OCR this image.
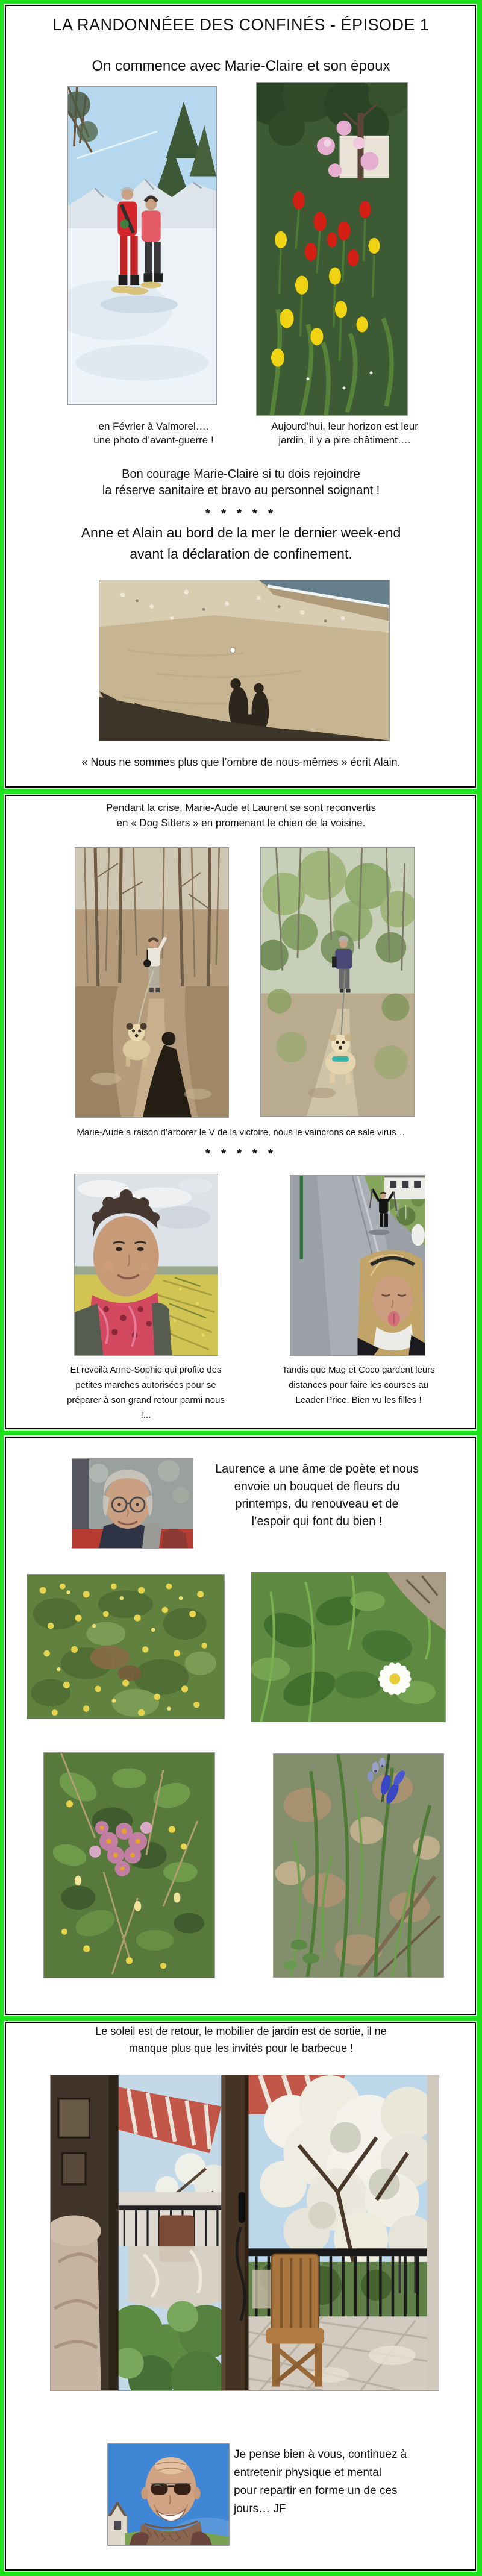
LA RANDONNÉEE DES CONFINÉS - ÉPISODE 1
On commence avec Marie-Claire et son époux
en Février à Valmorel….
une photo d’avant-guerre !
Aujourd’hui, leur horizon est leur
jardin, il y a pire châtiment….
Bon courage Marie-Claire si tu dois rejoindre
la réserve sanitaire et bravo au personnel soignant !
* * * * *
Anne et Alain au bord de la mer le dernier week-end
avant la déclaration de confinement.
« Nous ne sommes plus que l’ombre de nous-mêmes » écrit Alain.
Pendant la crise, Marie-Aude et Laurent se sont reconvertis
en « Dog Sitters » en promenant le chien de la voisine.
Marie-Aude a raison d’arborer le V de la victoire, nous le vaincrons ce sale virus…
* * * * *
Et revoilà Anne-Sophie qui profite des
petites marches autorisées pour se
préparer à son grand retour parmi nous !...
Tandis que Mag et Coco gardent leurs
distances pour faire les courses au
Leader Price. Bien vu les filles !
Laurence a une âme de poète et nous
envoie un bouquet de fleurs du
printemps, du renouveau et de
l’espoir qui font du bien !
Le soleil est de retour, le mobilier de jardin est de sortie, il ne
manque plus que les invités pour le barbecue !
Je pense bien à vous, continuez à
entretenir physique et mental
pour repartir en forme un de ces
jours… JF
